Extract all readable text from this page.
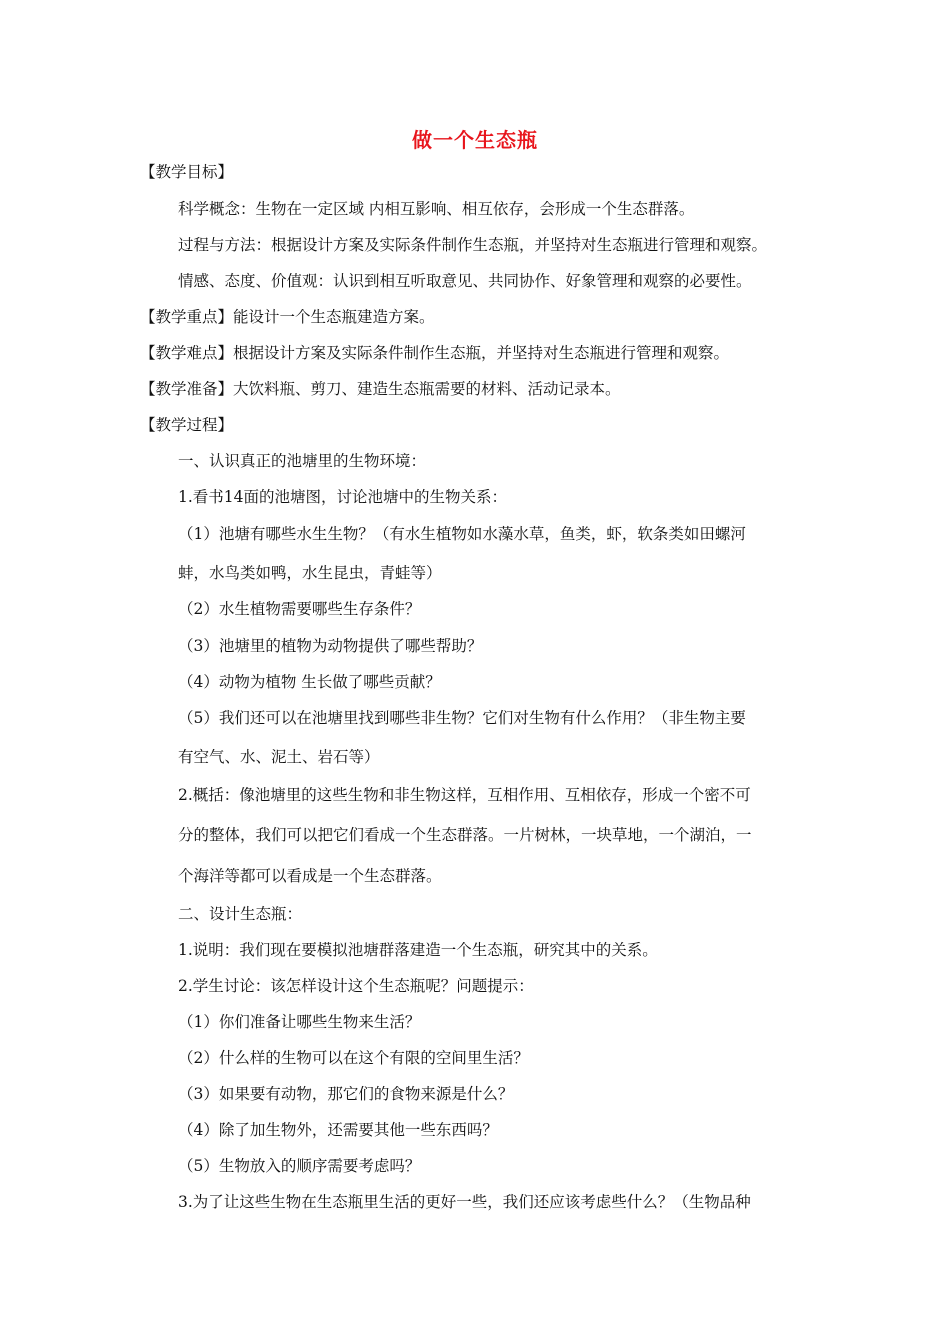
做一个生态瓶
【教学目标】
科学概念：生物在一定区域 内相互影响、相互依存，会形成一个生态群落。
过程与方法：根据设计方案及实际条件制作生态瓶，并坚持对生态瓶进行管理和观察。
情感、态度、价值观：认识到相互听取意见、共同协作、好象管理和观察的必要性。
【教学重点】能设计一个生态瓶建造方案。
【教学难点】根据设计方案及实际条件制作生态瓶，并坚持对生态瓶进行管理和观察。
【教学准备】大饮料瓶、剪刀、建造生态瓶需要的材料、活动记录本。
【教学过程】
一、认识真正的池塘里的生物环境：
1.看书14面的池塘图，讨论池塘中的生物关系：
（1）池塘有哪些水生生物？（有水生植物如水藻水草，鱼类，虾，软条类如田螺河
蚌，水鸟类如鸭，水生昆虫，青蛙等）
（2）水生植物需要哪些生存条件？
（3）池塘里的植物为动物提供了哪些帮助？
（4）动物为植物 生长做了哪些贡献？
（5）我们还可以在池塘里找到哪些非生物？它们对生物有什么作用？（非生物主要
有空气、水、泥土、岩石等）
2.概括：像池塘里的这些生物和非生物这样，互相作用、互相依存，形成一个密不可
分的整体，我们可以把它们看成一个生态群落。一片树林，一块草地，一个湖泊，一
个海洋等都可以看成是一个生态群落。
二、设计生态瓶：
1.说明：我们现在要模拟池塘群落建造一个生态瓶，研究其中的关系。
2.学生讨论：该怎样设计这个生态瓶呢？问题提示：
（1）你们准备让哪些生物来生活？
（2）什么样的生物可以在这个有限的空间里生活？
（3）如果要有动物，那它们的食物来源是什么？
（4）除了加生物外，还需要其他一些东西吗？
（5）生物放入的顺序需要考虑吗？
3.为了让这些生物在生态瓶里生活的更好一些，我们还应该考虑些什么？（生物品种
